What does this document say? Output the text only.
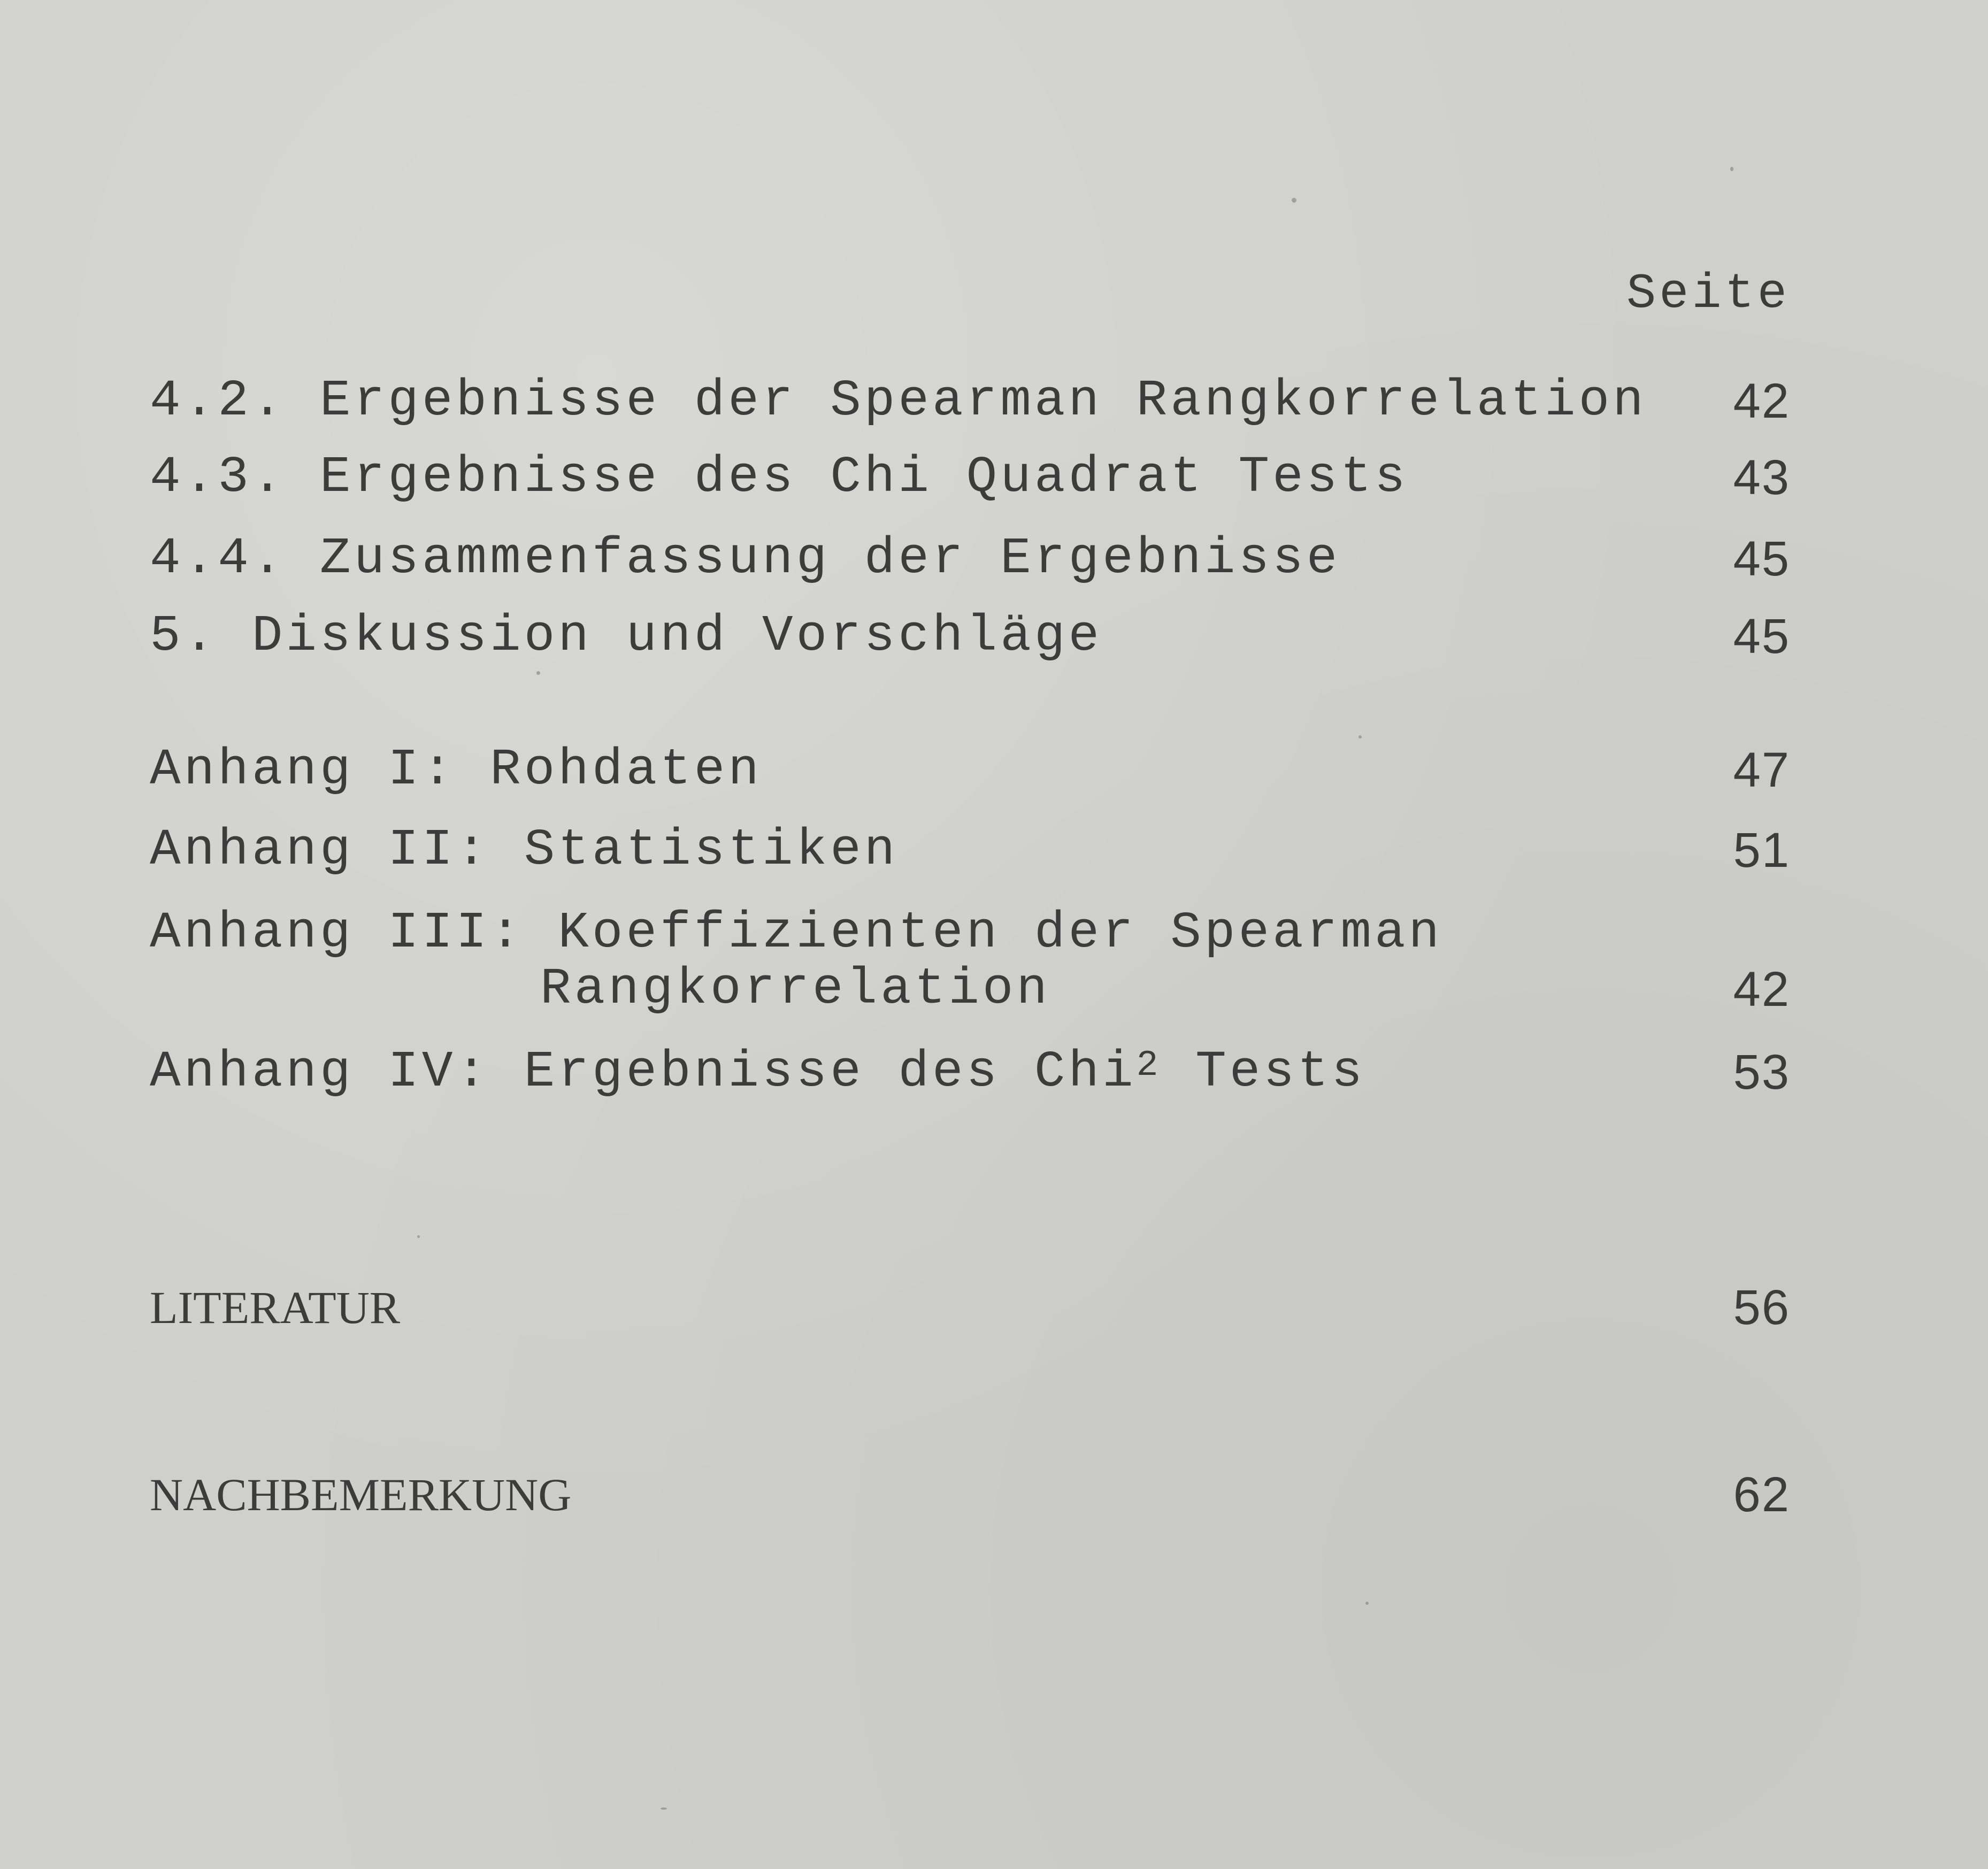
Seite
4.2. Ergebnisse der Spearman Rangkorrelation 42
4.3. Ergebnisse des Chi Quadrat Tests	43
4.4. Zusammenfassung der Ergebnisse	45
5. Diskussion und Vorschläge	45
Anhang I: Rohdaten	47
Anhang II: Statistiken	51
Anhang III: Koeffizienten der Spearman
Rangkorrelation	42
Anhang IV: Ergebnisse des Chi$^2$ Tests	53
LITERATUR	56
NACHBEMERKUNG	62
